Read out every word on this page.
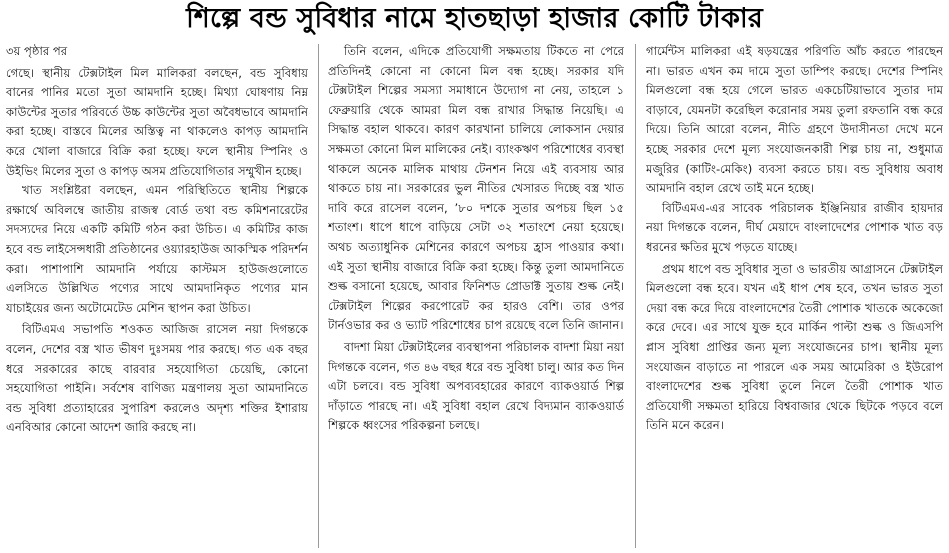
শিল্পে বন্ড সুবিধার নামে হাতছাড়া হাজার কোটি টাকার

৩য় পৃষ্ঠার পর

গেছে। স্থানীয় টেক্সটাইল মিল মালিকরা বলছেন, বন্ড সুবিধায় বানের পানির মতো সুতা আমদানি হচ্ছে। মিথ্যা ঘোষণায় নিম্ন কাউন্টের সুতার পরিবর্তে উচ্চ কাউন্টের সুতা অবৈধভাবে আমদানি করা হচ্ছে। বাস্তবে মিলের অস্তিত্ব না থাকলেও কাপড় আমদানি করে খোলা বাজারে বিক্রি করা হচ্ছে। ফলে স্থানীয় স্পিনিং ও উইভিং মিলের সুতা ও কাপড় অসম প্রতিযোগিতার সম্মুখীন হচ্ছে।

খাত সংশ্লিষ্টরা বলছেন, এমন পরিস্থিতিতে স্থানীয় শিল্পকে রক্ষার্থে অবিলম্বে জাতীয় রাজস্ব বোর্ড তথা বন্ড কমিশনারেটের সদস্যদের নিয়ে একটি কমিটি গঠন করা উচিত। এ কমিটির কাজ হবে বন্ড লাইসেন্সধারী প্রতিষ্ঠানের ওয়্যারহাউজ আকস্মিক পরিদর্শন করা। পাশাপাশি আমদানি পর্যায়ে কাস্টমস হাউজগুলোতে এলসিতে উল্লিখিত পণ্যের সাথে আমদানিকৃত পণ্যের মান যাচাইয়ের জন্য অটোমেটেড মেশিন স্থাপন করা উচিত।

বিটিএমএ সভাপতি শওকত আজিজ রাসেল নয়া দিগন্তকে বলেন, দেশের বস্ত্র খাত ভীষণ দুঃসময় পার করছে। গত এক বছর ধরে সরকারের কাছে বারবার সহযোগিতা চেয়েছি, কোনো সহযোগিতা পাইনি। সর্বশেষ বাণিজ্য মন্ত্রণালয় সুতা আমদানিতে বন্ড সুবিধা প্রত্যাহারের সুপারিশ করলেও অদৃশ্য শক্তির ইশারায় এনবিআর কোনো আদেশ জারি করছে না।

তিনি বলেন, এদিকে প্রতিযোগী সক্ষমতায় টিকতে না পেরে প্রতিদিনই কোনো না কোনো মিল বন্ধ হচ্ছে। সরকার যদি টেক্সটাইল শিল্পের সমস্যা সমাধানে উদ্যোগ না নেয়, তাহলে ১ ফেব্রুয়ারি থেকে আমরা মিল বন্ধ রাখার সিদ্ধান্ত নিয়েছি। এ সিদ্ধান্ত বহাল থাকবে। কারণ কারখানা চালিয়ে লোকসান দেয়ার সক্ষমতা কোনো মিল মালিকের নেই। ব্যাংকঋণ পরিশোধের ব্যবস্থা থাকলে অনেক মালিক মাথায় টেনশন নিয়ে এই ব্যবসায় আর থাকতে চায় না। সরকারের ভুল নীতির খেসারত দিচ্ছে বস্ত্র খাত দাবি করে রাসেল বলেন, ’৮০ দশকে সুতার অপচয় ছিল ১৫ শতাংশ। ধাপে ধাপে বাড়িয়ে সেটা ৩২ শতাংশে নেয়া হয়েছে। অথচ অত্যাধুনিক মেশিনের কারণে অপচয় হ্রাস পাওয়ার কথা। এই সুতা স্থানীয় বাজারে বিক্রি করা হচ্ছে। কিন্তু তুলা আমদানিতে শুল্ক বসানো হয়েছে, আবার ফিনিশড প্রোডাক্ট সুতায় শুল্ক নেই। টেক্সটাইল শিল্পের করপোরেট কর হারও বেশি। তার ওপর টার্নওভার কর ও ভ্যাট পরিশোধের চাপ রয়েছে বলে তিনি জানান।

বাদশা মিয়া টেক্সটাইলের ব্যবস্থাপনা পরিচালক বাদশা মিয়া নয়া দিগন্তকে বলেন, গত ৪৬ বছর ধরে বন্ড সুবিধা চালু। আর কত দিন এটা চলবে। বন্ড সুবিধা অপব্যবহারের কারণে ব্যাকওয়ার্ড শিল্প দাঁড়াতে পারছে না। এই সুবিধা বহাল রেখে বিদ্যমান ব্যাকওয়ার্ড শিল্পকে ধ্বংসের পরিকল্পনা চলছে।

গার্মেন্টস মালিকরা এই ষড়যন্ত্রের পরিণতি আঁচ করতে পারছেন না। ভারত এখন কম দামে সুতা ডাম্পিং করছে। দেশের স্পিনিং মিলগুলো বন্ধ হয়ে গেলে ভারত একচেটিয়াভাবে সুতার দাম বাড়াবে, যেমনটা করেছিল করোনার সময় তুলা রফতানি বন্ধ করে দিয়ে। তিনি আরো বলেন, নীতি গ্রহণে উদাসীনতা দেখে মনে হচ্ছে সরকার দেশে মূল্য সংযোজনকারী শিল্প চায় না, শুধুমাত্র মজুরির (কাটিং-মেকিং) ব্যবসা করতে চায়। বন্ড সুবিধায় অবাধ আমদানি বহাল রেখে তাই মনে হচ্ছে।

বিটিএমএ-এর সাবেক পরিচালক ইঞ্জিনিয়ার রাজীব হায়দার নয়া দিগন্তকে বলেন, দীর্ঘ মেয়াদে বাংলাদেশের পোশাক খাত বড় ধরনের ক্ষতির মুখে পড়তে যাচ্ছে।

প্রথম ধাপে বন্ড সুবিধার সুতা ও ভারতীয় আগ্রাসনে টেক্সটাইল মিলগুলো বন্ধ হবে। যখন এই ধাপ শেষ হবে, তখন ভারত সুতা দেয়া বন্ধ করে দিয়ে বাংলাদেশের তৈরী পোশাক খাতকে অকেজো করে দেবে। এর সাথে যুক্ত হবে মার্কিন পাল্টা শুল্ক ও জিএসপি প্লাস সুবিধা প্রাপ্তির জন্য মূল্য সংযোজনের চাপ। স্থানীয় মূল্য সংযোজন বাড়াতে না পারলে এক সময় আমেরিকা ও ইউরোপ বাংলাদেশের শুল্ক সুবিধা তুলে নিলে তৈরী পোশাক খাত প্রতিযোগী সক্ষমতা হারিয়ে বিশ্ববাজার থেকে ছিটকে পড়বে বলে তিনি মনে করেন।
